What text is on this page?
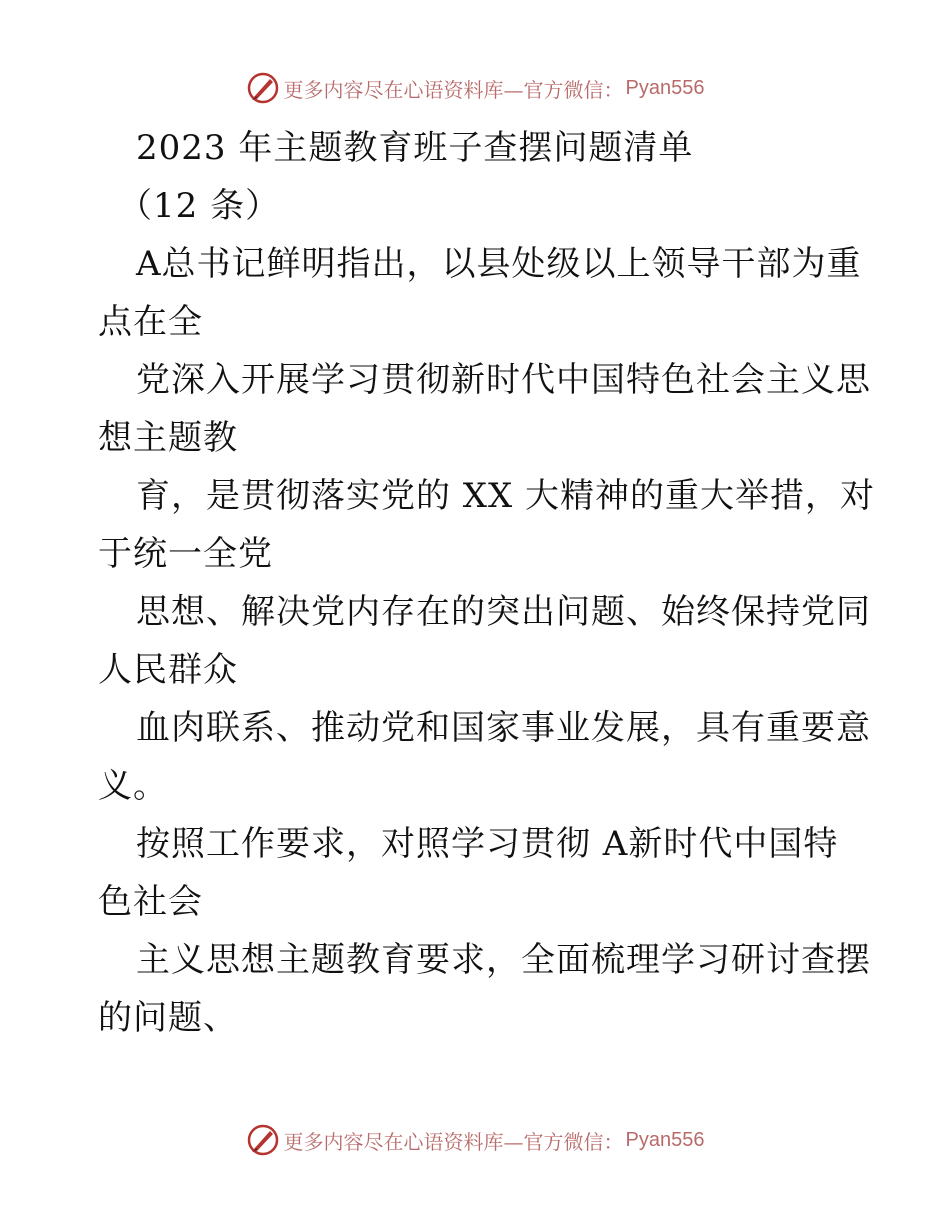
更多内容尽在心语资料库—官方微信： Pyan556
2023 年主题教育班子查摆问题清单
（12 条）
A总书记鲜明指出，以县处级以上领导干部为重
点在全
党深入开展学习贯彻新时代中国特色社会主义思
想主题教
育，是贯彻落实党的 XX 大精神的重大举措，对
于统一全党
思想、解决党内存在的突出问题、始终保持党同
人民群众
血肉联系、推动党和国家事业发展，具有重要意
义。
按照工作要求，对照学习贯彻 A新时代中国特
色社会
主义思想主题教育要求，全面梳理学习研讨查摆
的问题、
更多内容尽在心语资料库—官方微信： Pyan556
